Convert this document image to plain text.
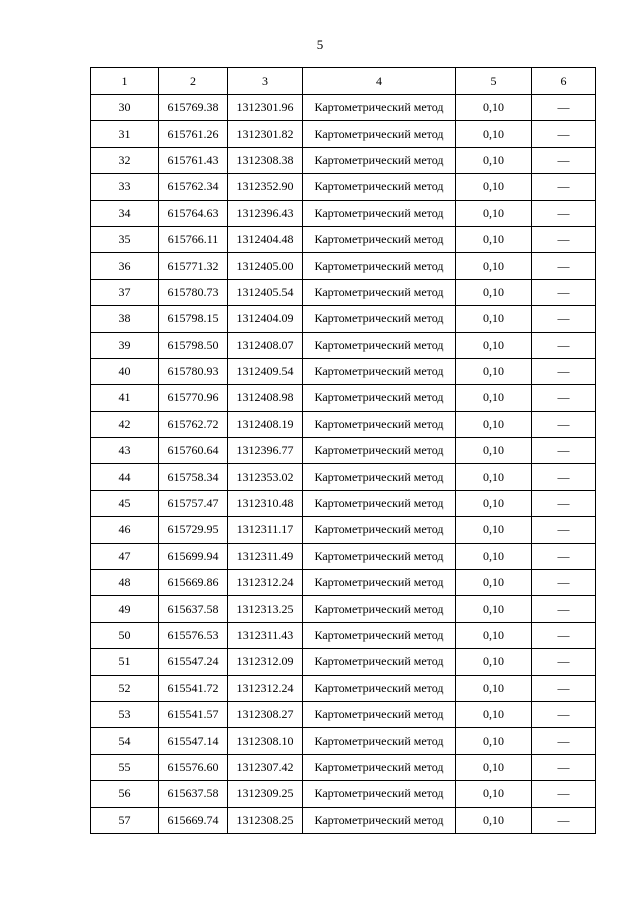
5
1	2	3	4	5	6
30	615769.38	1312301.96	Картометрический метод	0,10	—
31	615761.26	1312301.82	Картометрический метод	0,10	—
32	615761.43	1312308.38	Картометрический метод	0,10	—
33	615762.34	1312352.90	Картометрический метод	0,10	—
34	615764.63	1312396.43	Картометрический метод	0,10	—
35	615766.11	1312404.48	Картометрический метод	0,10	—
36	615771.32	1312405.00	Картометрический метод	0,10	—
37	615780.73	1312405.54	Картометрический метод	0,10	—
38	615798.15	1312404.09	Картометрический метод	0,10	—
39	615798.50	1312408.07	Картометрический метод	0,10	—
40	615780.93	1312409.54	Картометрический метод	0,10	—
41	615770.96	1312408.98	Картометрический метод	0,10	—
42	615762.72	1312408.19	Картометрический метод	0,10	—
43	615760.64	1312396.77	Картометрический метод	0,10	—
44	615758.34	1312353.02	Картометрический метод	0,10	—
45	615757.47	1312310.48	Картометрический метод	0,10	—
46	615729.95	1312311.17	Картометрический метод	0,10	—
47	615699.94	1312311.49	Картометрический метод	0,10	—
48	615669.86	1312312.24	Картометрический метод	0,10	—
49	615637.58	1312313.25	Картометрический метод	0,10	—
50	615576.53	1312311.43	Картометрический метод	0,10	—
51	615547.24	1312312.09	Картометрический метод	0,10	—
52	615541.72	1312312.24	Картометрический метод	0,10	—
53	615541.57	1312308.27	Картометрический метод	0,10	—
54	615547.14	1312308.10	Картометрический метод	0,10	—
55	615576.60	1312307.42	Картометрический метод	0,10	—
56	615637.58	1312309.25	Картометрический метод	0,10	—
57	615669.74	1312308.25	Картометрический метод	0,10	—
